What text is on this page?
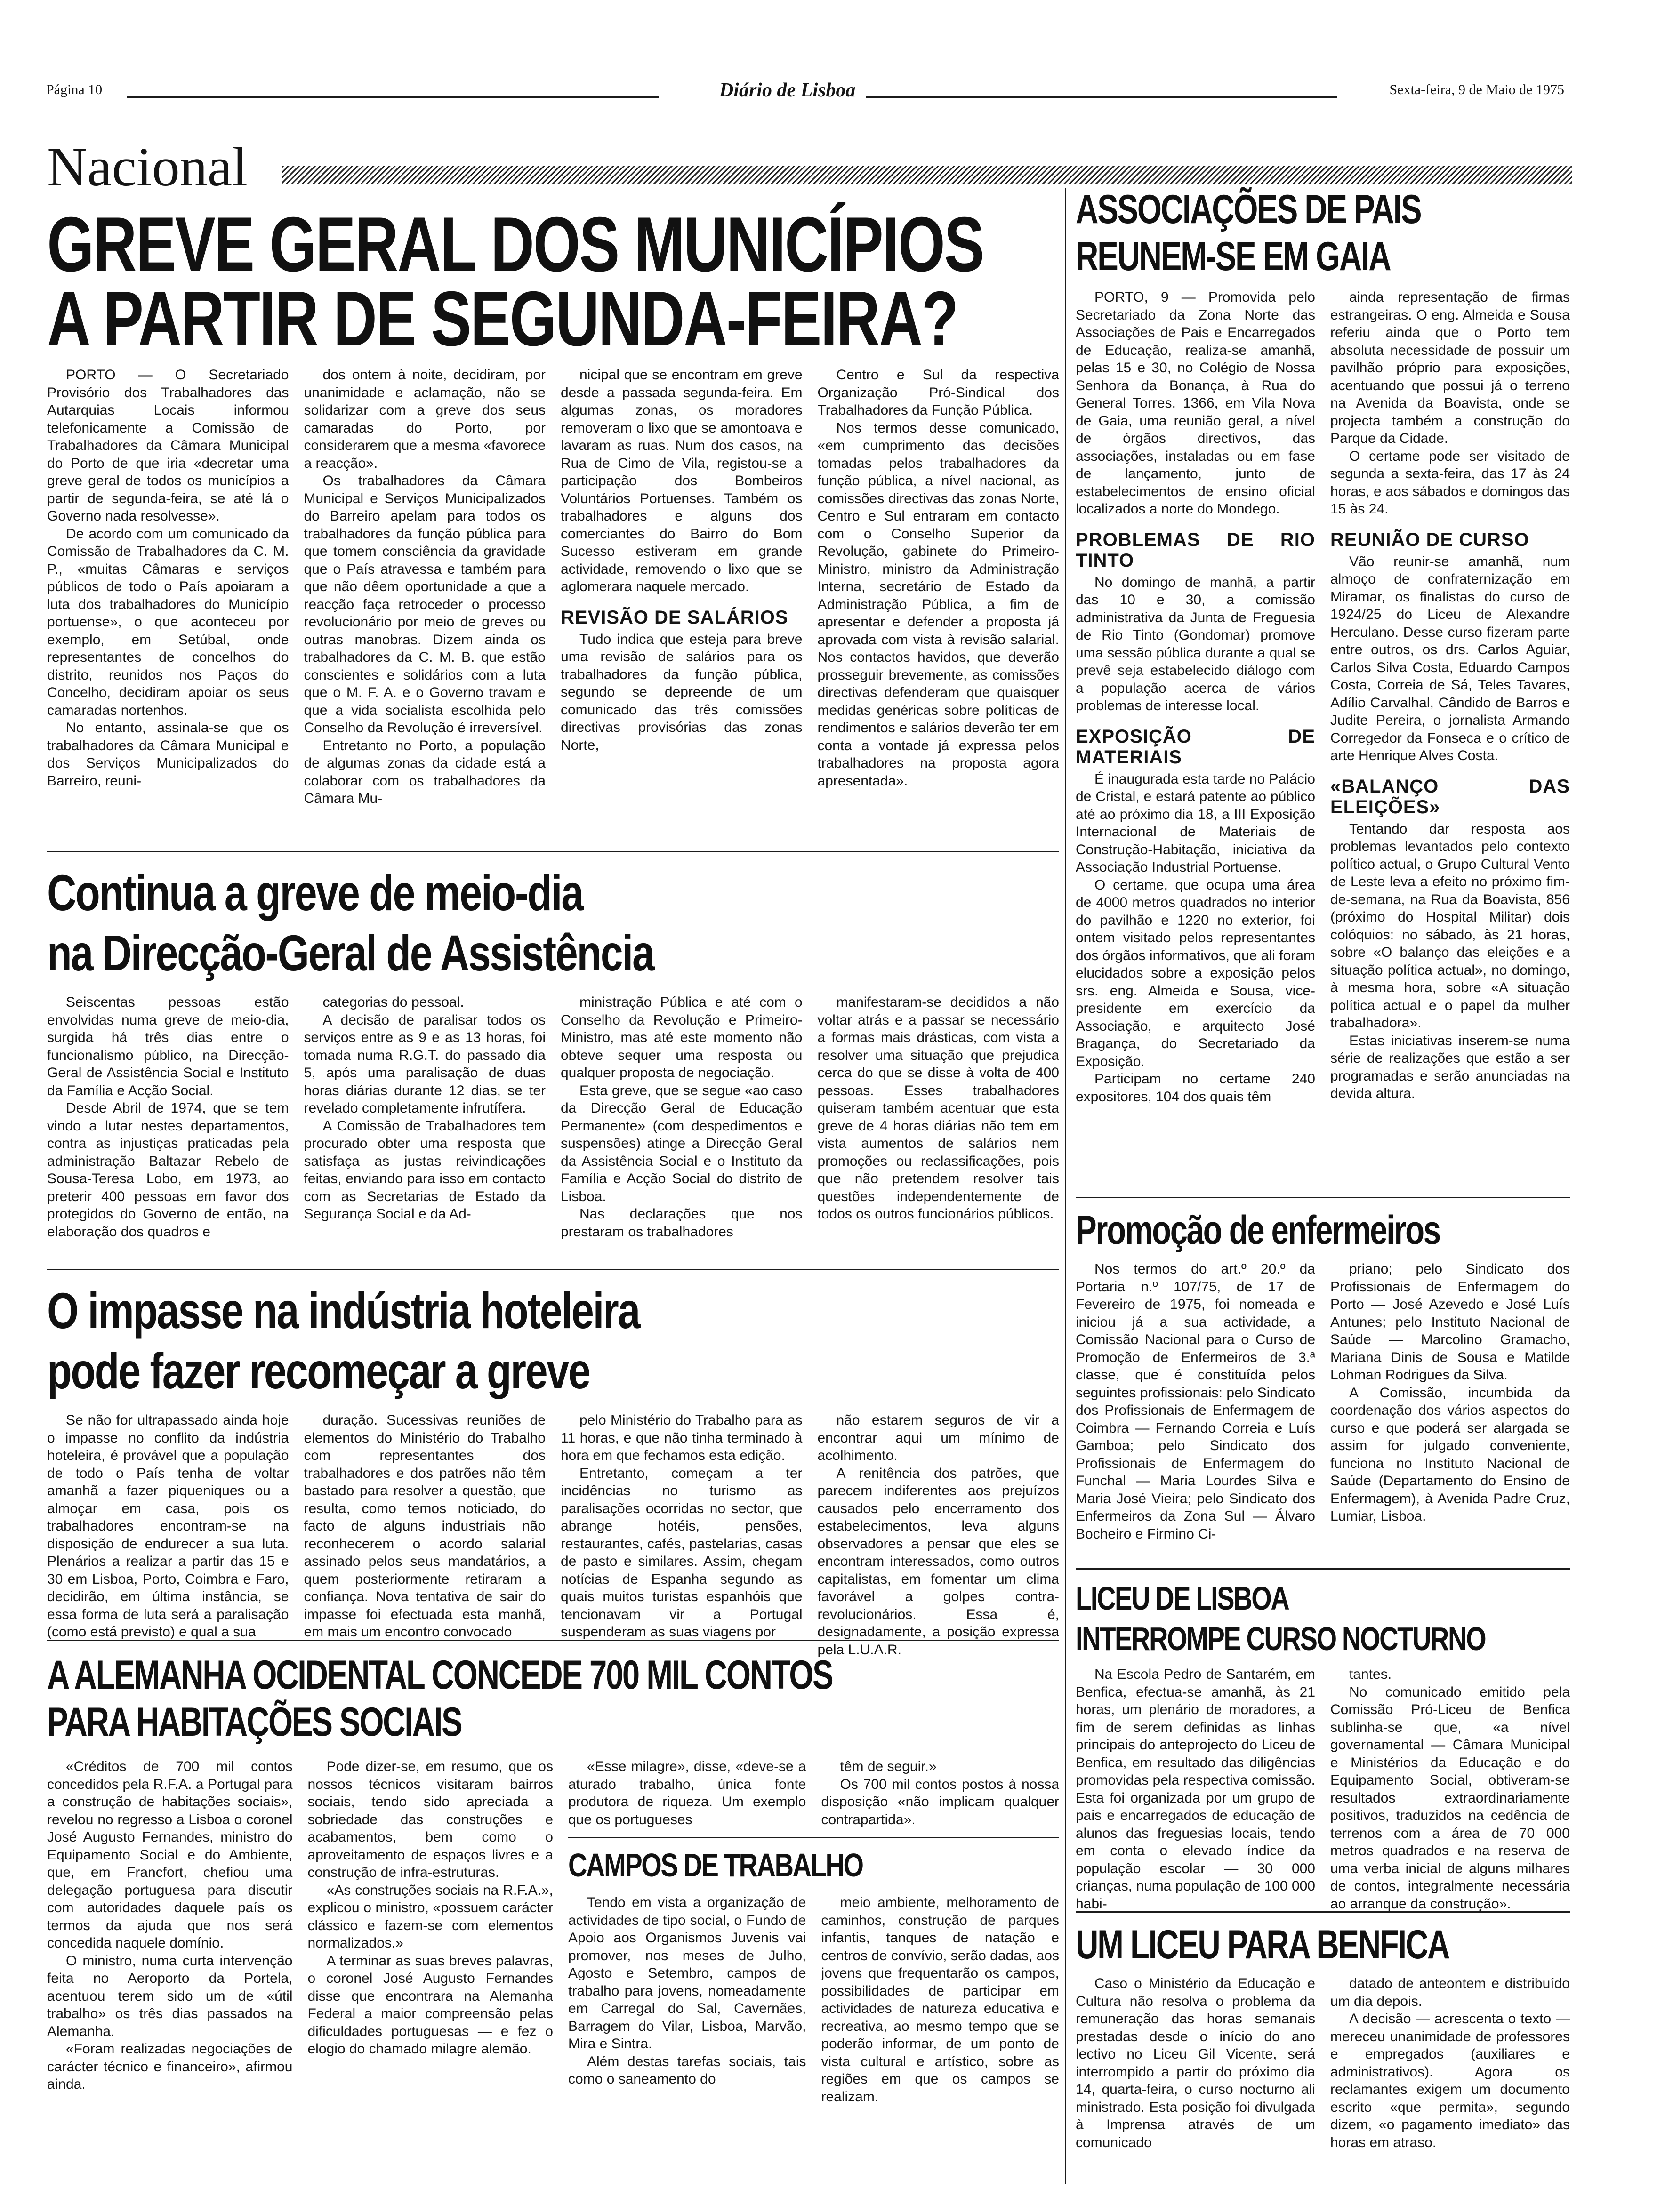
Página 10	Diário de Lisboa	Sexta-feira, 9 de Maio de 1975
Nacional
GREVE GERAL DOS MUNICÍPIOS
A PARTIR DE SEGUNDA-FEIRA?

PORTO — O Secretariado Provisório dos Trabalhadores das Autarquias Locais informou telefonicamente a Comissão de Trabalhadores da Câmara Municipal do Porto de que iria «decretar uma greve geral de todos os municípios a partir de segunda-feira, se até lá o Governo nada resolvesse».

De acordo com um comunicado da Comissão de Trabalhadores da C. M. P., «muitas Câmaras e serviços públicos de todo o País apoiaram a luta dos trabalhadores do Município portuense», o que aconteceu por exemplo, em Setúbal, onde representantes de concelhos do distrito, reunidos nos Paços do Concelho, decidiram apoiar os seus camaradas nortenhos.

No entanto, assinala-se que os trabalhadores da Câmara Municipal e dos Serviços Municipalizados do Barreiro, reuni-

dos ontem à noite, decidiram, por unanimidade e aclamação, não se solidarizar com a greve dos seus camaradas do Porto, por considerarem que a mesma «favorece a reacção».

Os trabalhadores da Câmara Municipal e Serviços Municipalizados do Barreiro apelam para todos os trabalhadores da função pública para que tomem consciência da gravidade que o País atravessa e também para que não dêem oportunidade a que a reacção faça retroceder o processo revolucionário por meio de greves ou outras manobras. Dizem ainda os trabalhadores da C. M. B. que estão conscientes e solidários com a luta que o M. F. A. e o Governo travam e que a vida socialista escolhida pelo Conselho da Revolução é irreversível.

Entretanto no Porto, a população de algumas zonas da cidade está a colaborar com os trabalhadores da Câmara Mu-

nicipal que se encontram em greve desde a passada segunda-feira. Em algumas zonas, os moradores removeram o lixo que se amontoava e lavaram as ruas. Num dos casos, na Rua de Cimo de Vila, registou-se a participação dos Bombeiros Voluntários Portuenses. Também os trabalhadores e alguns dos comerciantes do Bairro do Bom Sucesso estiveram em grande actividade, removendo o lixo que se aglomerara naquele mercado.

REVISÃO DE SALÁRIOS

Tudo indica que esteja para breve uma revisão de salários para os trabalhadores da função pública, segundo se depreende de um comunicado das três comissões directivas provisórias das zonas Norte,

Centro e Sul da respectiva Organização Pró-Sindical dos Trabalhadores da Função Pública.

Nos termos desse comunicado, «em cumprimento das decisões tomadas pelos trabalhadores da função pública, a nível nacional, as comissões directivas das zonas Norte, Centro e Sul entraram em contacto com o Conselho Superior da Revolução, gabinete do Primeiro-Ministro, ministro da Administração Interna, secretário de Estado da Administração Pública, a fim de apresentar e defender a proposta já aprovada com vista à revisão salarial. Nos contactos havidos, que deverão prosseguir brevemente, as comissões directivas defenderam que quaisquer medidas genéricas sobre políticas de rendimentos e salários deverão ter em conta a vontade já expressa pelos trabalhadores na proposta agora apresentada».

Continua a greve de meio-dia
na Direcção-Geral de Assistência

Seiscentas pessoas estão envolvidas numa greve de meio-dia, surgida há três dias entre o funcionalismo público, na Direcção-Geral de Assistência Social e Instituto da Família e Acção Social.

Desde Abril de 1974, que se tem vindo a lutar nestes departamentos, contra as injustiças praticadas pela administração Baltazar Rebelo de Sousa-Teresa Lobo, em 1973, ao preterir 400 pessoas em favor dos protegidos do Governo de então, na elaboração dos quadros e

categorias do pessoal.

A decisão de paralisar todos os serviços entre as 9 e as 13 horas, foi tomada numa R.G.T. do passado dia 5, após uma paralisação de duas horas diárias durante 12 dias, se ter revelado completamente infrutífera.

A Comissão de Trabalhadores tem procurado obter uma resposta que satisfaça as justas reivindicações feitas, enviando para isso em contacto com as Secretarias de Estado da Segurança Social e da Ad-

ministração Pública e até com o Conselho da Revolução e Primeiro-Ministro, mas até este momento não obteve sequer uma resposta ou qualquer proposta de negociação.

Esta greve, que se segue «ao caso da Direcção Geral de Educação Permanente» (com despedimentos e suspensões) atinge a Direcção Geral da Assistência Social e o Instituto da Família e Acção Social do distrito de Lisboa.

Nas declarações que nos prestaram os trabalhadores

manifestaram-se decididos a não voltar atrás e a passar se necessário a formas mais drásticas, com vista a resolver uma situação que prejudica cerca do que se disse à volta de 400 pessoas. Esses trabalhadores quiseram também acentuar que esta greve de 4 horas diárias não tem em vista aumentos de salários nem promoções ou reclassificações, pois que não pretendem resolver tais questões independentemente de todos os outros funcionários públicos.

O impasse na indústria hoteleira
pode fazer recomeçar a greve

Se não for ultrapassado ainda hoje o impasse no conflito da indústria hoteleira, é provável que a população de todo o País tenha de voltar amanhã a fazer piqueniques ou a almoçar em casa, pois os trabalhadores encontram-se na disposição de endurecer a sua luta. Plenários a realizar a partir das 15 e 30 em Lisboa, Porto, Coimbra e Faro, decidirão, em última instância, se essa forma de luta será a paralisação (como está previsto) e qual a sua

duração. Sucessivas reuniões de elementos do Ministério do Trabalho com representantes dos trabalhadores e dos patrões não têm bastado para resolver a questão, que resulta, como temos noticiado, do facto de alguns industriais não reconhecerem o acordo salarial assinado pelos seus mandatários, a quem posteriormente retiraram a confiança. Nova tentativa de sair do impasse foi efectuada esta manhã, em mais um encontro convocado

pelo Ministério do Trabalho para as 11 horas, e que não tinha terminado à hora em que fechamos esta edição.

Entretanto, começam a ter incidências no turismo as paralisações ocorridas no sector, que abrange hotéis, pensões, restaurantes, cafés, pastelarias, casas de pasto e similares. Assim, chegam notícias de Espanha segundo as quais muitos turistas espanhóis que tencionavam vir a Portugal suspenderam as suas viagens por

não estarem seguros de vir a encontrar aqui um mínimo de acolhimento.

A renitência dos patrões, que parecem indiferentes aos prejuízos causados pelo encerramento dos estabelecimentos, leva alguns observadores a pensar que eles se encontram interessados, como outros capitalistas, em fomentar um clima favorável a golpes contra-revolucionários. Essa é, designadamente, a posição expressa pela L.U.A.R.

A ALEMANHA OCIDENTAL CONCEDE 700 MIL CONTOS
PARA HABITAÇÕES SOCIAIS

«Créditos de 700 mil contos concedidos pela R.F.A. a Portugal para a construção de habitações sociais», revelou no regresso a Lisboa o coronel José Augusto Fernandes, ministro do Equipamento Social e do Ambiente, que, em Francfort, chefiou uma delegação portuguesa para discutir com autoridades daquele país os termos da ajuda que nos será concedida naquele domínio.

O ministro, numa curta intervenção feita no Aeroporto da Portela, acentuou terem sido um de «útil trabalho» os três dias passados na Alemanha.

«Foram realizadas negociações de carácter técnico e financeiro», afirmou ainda.

Pode dizer-se, em resumo, que os nossos técnicos visitaram bairros sociais, tendo sido apreciada a sobriedade das construções e acabamentos, bem como o aproveitamento de espaços livres e a construção de infra-estruturas.

«As construções sociais na R.F.A.», explicou o ministro, «possuem carácter clássico e fazem-se com elementos normalizados.»

A terminar as suas breves palavras, o coronel José Augusto Fernandes disse que encontrara na Alemanha Federal a maior compreensão pelas dificuldades portuguesas — e fez o elogio do chamado milagre alemão.

«Esse milagre», disse, «deve-se a aturado trabalho, única fonte produtora de riqueza. Um exemplo que os portugueses

têm de seguir.»

Os 700 mil contos postos à nossa disposição «não implicam qualquer contrapartida».

CAMPOS DE TRABALHO

Tendo em vista a organização de actividades de tipo social, o Fundo de Apoio aos Organismos Juvenis vai promover, nos meses de Julho, Agosto e Setembro, campos de trabalho para jovens, nomeadamente em Carregal do Sal, Cavernães, Barragem do Vilar, Lisboa, Marvão, Mira e Sintra.

Além destas tarefas sociais, tais como o saneamento do

meio ambiente, melhoramento de caminhos, construção de parques infantis, tanques de natação e centros de convívio, serão dadas, aos jovens que frequentarão os campos, possibilidades de participar em actividades de natureza educativa e recreativa, ao mesmo tempo que se poderão informar, de um ponto de vista cultural e artístico, sobre as regiões em que os campos se realizam.

ASSOCIAÇÕES DE PAIS
REUNEM-SE EM GAIA

PORTO, 9 — Promovida pelo Secretariado da Zona Norte das Associações de Pais e Encarregados de Educação, realiza-se amanhã, pelas 15 e 30, no Colégio de Nossa Senhora da Bonança, à Rua do General Torres, 1366, em Vila Nova de Gaia, uma reunião geral, a nível de órgãos directivos, das associações, instaladas ou em fase de lançamento, junto de estabelecimentos de ensino oficial localizados a norte do Mondego.

PROBLEMAS DE RIO TINTO

No domingo de manhã, a partir das 10 e 30, a comissão administrativa da Junta de Freguesia de Rio Tinto (Gondomar) promove uma sessão pública durante a qual se prevê seja estabelecido diálogo com a população acerca de vários problemas de interesse local.

EXPOSIÇÃO DE MATERIAIS

É inaugurada esta tarde no Palácio de Cristal, e estará patente ao público até ao próximo dia 18, a III Exposição Internacional de Materiais de Construção-Habitação, iniciativa da Associação Industrial Portuense.

O certame, que ocupa uma área de 4000 metros quadrados no interior do pavilhão e 1220 no exterior, foi ontem visitado pelos representantes dos órgãos informativos, que ali foram elucidados sobre a exposição pelos srs. eng. Almeida e Sousa, vice-presidente em exercício da Associação, e arquitecto José Bragança, do Secretariado da Exposição.

Participam no certame 240 expositores, 104 dos quais têm

ainda representação de firmas estrangeiras. O eng. Almeida e Sousa referiu ainda que o Porto tem absoluta necessidade de possuir um pavilhão próprio para exposições, acentuando que possui já o terreno na Avenida da Boavista, onde se projecta também a construção do Parque da Cidade.

O certame pode ser visitado de segunda a sexta-feira, das 17 às 24 horas, e aos sábados e domingos das 15 às 24.

REUNIÃO DE CURSO

Vão reunir-se amanhã, num almoço de confraternização em Miramar, os finalistas do curso de 1924/25 do Liceu de Alexandre Herculano. Desse curso fizeram parte entre outros, os drs. Carlos Aguiar, Carlos Silva Costa, Eduardo Campos Costa, Correia de Sá, Teles Tavares, Adílio Carvalhal, Cândido de Barros e Judite Pereira, o jornalista Armando Corregedor da Fonseca e o crítico de arte Henrique Alves Costa.

«BALANÇO DAS ELEIÇÕES»

Tentando dar resposta aos problemas levantados pelo contexto político actual, o Grupo Cultural Vento de Leste leva a efeito no próximo fim-de-semana, na Rua da Boavista, 856 (próximo do Hospital Militar) dois colóquios: no sábado, às 21 horas, sobre «O balanço das eleições e a situação política actual», no domingo, à mesma hora, sobre «A situação política actual e o papel da mulher trabalhadora».

Estas iniciativas inserem-se numa série de realizações que estão a ser programadas e serão anunciadas na devida altura.

Promoção de enfermeiros

Nos termos do art.º 20.º da Portaria n.º 107/75, de 17 de Fevereiro de 1975, foi nomeada e iniciou já a sua actividade, a Comissão Nacional para o Curso de Promoção de Enfermeiros de 3.ª classe, que é constituída pelos seguintes profissionais: pelo Sindicato dos Profissionais de Enfermagem de Coimbra — Fernando Correia e Luís Gamboa; pelo Sindicato dos Profissionais de Enfermagem do Funchal — Maria Lourdes Silva e Maria José Vieira; pelo Sindicato dos Enfermeiros da Zona Sul — Álvaro Bocheiro e Firmino Ci-

priano; pelo Sindicato dos Profissionais de Enfermagem do Porto — José Azevedo e José Luís Antunes; pelo Instituto Nacional de Saúde — Marcolino Gramacho, Mariana Dinis de Sousa e Matilde Lohman Rodrigues da Silva.

A Comissão, incumbida da coordenação dos vários aspectos do curso e que poderá ser alargada se assim for julgado conveniente, funciona no Instituto Nacional de Saúde (Departamento do Ensino de Enfermagem), à Avenida Padre Cruz, Lumiar, Lisboa.

LICEU DE LISBOA
INTERROMPE CURSO NOCTURNO

Na Escola Pedro de Santarém, em Benfica, efectua-se amanhã, às 21 horas, um plenário de moradores, a fim de serem definidas as linhas principais do anteprojecto do Liceu de Benfica, em resultado das diligências promovidas pela respectiva comissão. Esta foi organizada por um grupo de pais e encarregados de educação de alunos das freguesias locais, tendo em conta o elevado índice da população escolar — 30 000 crianças, numa população de 100 000 habi-

tantes.

No comunicado emitido pela Comissão Pró-Liceu de Benfica sublinha-se que, «a nível governamental — Câmara Municipal e Ministérios da Educação e do Equipamento Social, obtiveram-se resultados extraordinariamente positivos, traduzidos na cedência de terrenos com a área de 70 000 metros quadrados e na reserva de uma verba inicial de alguns milhares de contos, integralmente necessária ao arranque da construção».

UM LICEU PARA BENFICA

Caso o Ministério da Educação e Cultura não resolva o problema da remuneração das horas semanais prestadas desde o início do ano lectivo no Liceu Gil Vicente, será interrompido a partir do próximo dia 14, quarta-feira, o curso nocturno ali ministrado. Esta posição foi divulgada à Imprensa através de um comunicado

datado de anteontem e distribuído um dia depois.

A decisão — acrescenta o texto — mereceu unanimidade de professores e empregados (auxiliares e administrativos). Agora os reclamantes exigem um documento escrito «que permita», segundo dizem, «o pagamento imediato» das horas em atraso.
